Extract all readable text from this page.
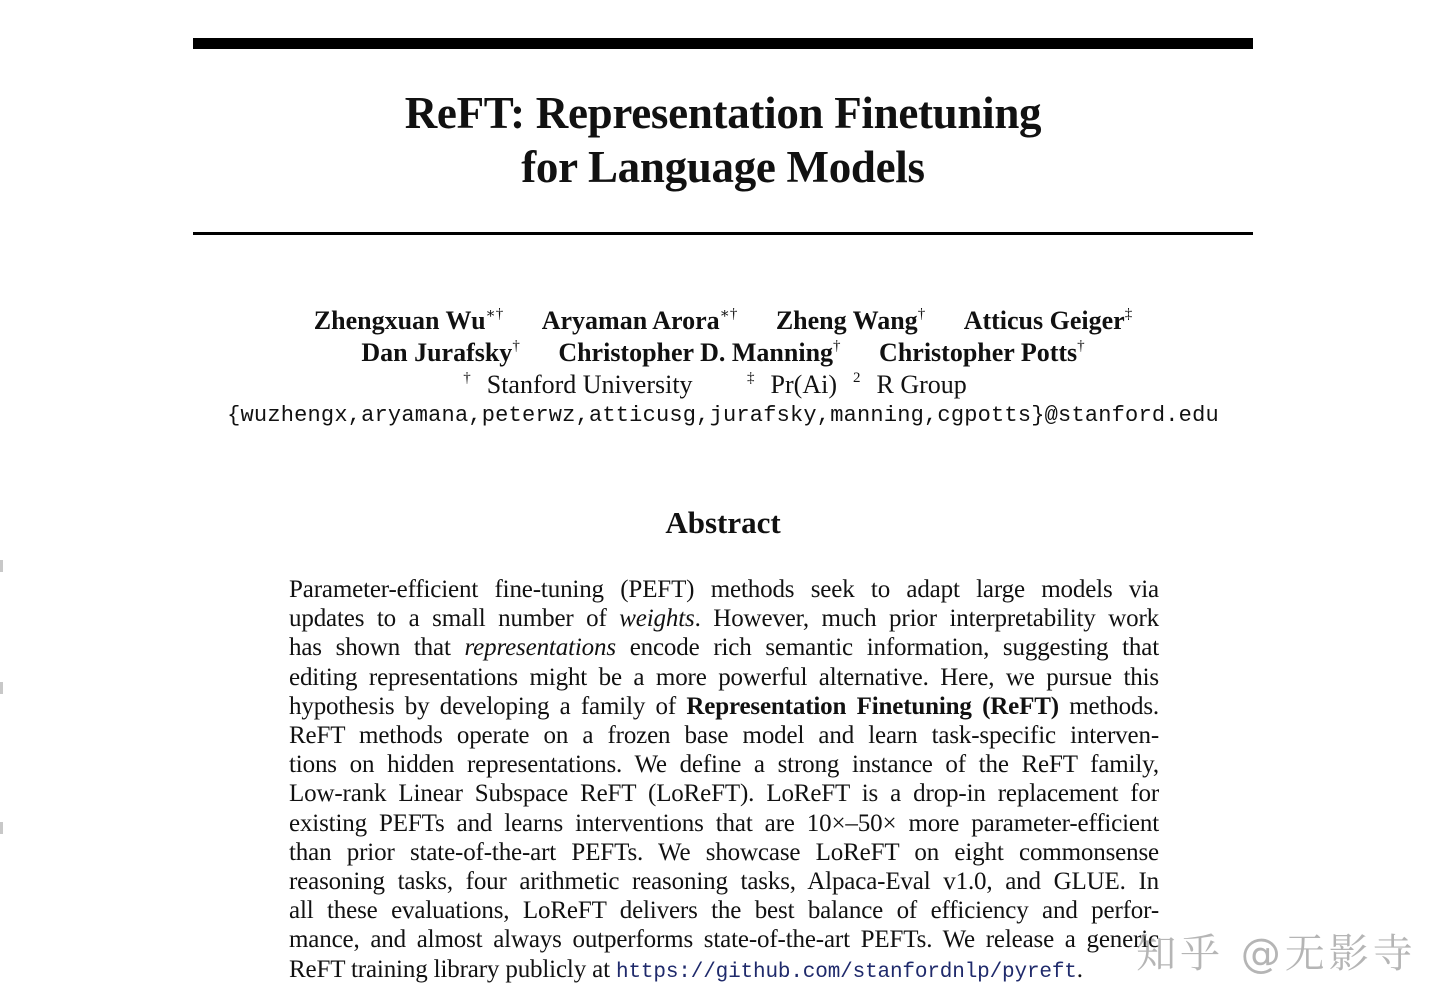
ReFT: Representation Finetuning
for Language Models
Zhengxuan Wu∗† Aryaman Arora∗† Zheng Wang† Atticus Geiger‡
Dan Jurafsky† Christopher D. Manning† Christopher Potts†
† Stanford University	‡ Pr(Ai) $^2$ R Group
{wuzhengx,aryamana,peterwz,atticusg,jurafsky,manning,cgpotts}@stanford.edu
Abstract
Parameter-efficient fine-tuning (PEFT) methods seek to adapt large models via
updates to a small number of weights. However, much prior interpretability work
has shown that representations encode rich semantic information, suggesting that
editing representations might be a more powerful alternative. Here, we pursue this
hypothesis by developing a family of Representation Finetuning (ReFT) methods.
ReFT methods operate on a frozen base model and learn task-specific interven-
tions on hidden representations. We define a strong instance of the ReFT family,
Low-rank Linear Subspace ReFT (LoReFT). LoReFT is a drop-in replacement for
existing PEFTs and learns interventions that are 10×–50× more parameter-efficient
than prior state-of-the-art PEFTs. We showcase LoReFT on eight commonsense
reasoning tasks, four arithmetic reasoning tasks, Alpaca-Eval v1.0, and GLUE. In
all these evaluations, LoReFT delivers the best balance of efficiency and perfor-
mance, and almost always outperforms state-of-the-art PEFTs. We release a generic
ReFT training library publicly at https://github.com/stanfordnlp/pyreft.	知乎 @无影寺
